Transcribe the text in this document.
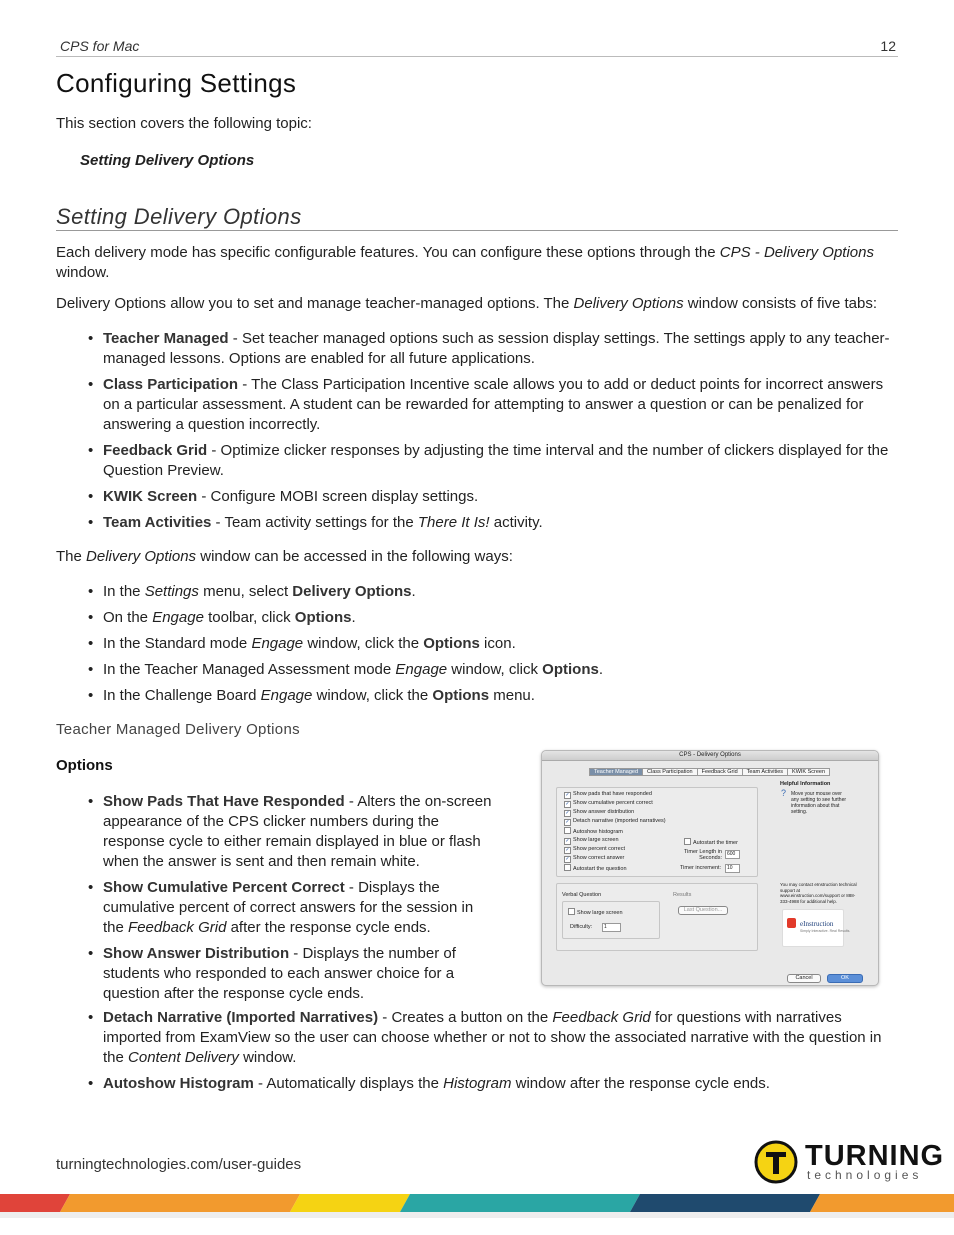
CPS for Mac	12
Configuring Settings
This section covers the following topic:
Setting Delivery Options
Setting Delivery Options
Each delivery mode has specific configurable features. You can configure these options through the CPS - Delivery Options
window.
Delivery Options allow you to set and manage teacher-managed options. The Delivery Options window consists of five tabs:
• Teacher Managed - Set teacher managed options such as session display settings. The settings apply to any teacher-managed lessons. Options are enabled for all future applications.
• Class Participation - The Class Participation Incentive scale allows you to add or deduct points for incorrect answers on a particular assessment. A student can be rewarded for attempting to answer a question or can be penalized for answering a question incorrectly.
• Feedback Grid - Optimize clicker responses by adjusting the time interval and the number of clickers displayed for the Question Preview.
• KWIK Screen - Configure MOBI screen display settings.
• Team Activities - Team activity settings for the There It Is! activity.
The Delivery Options window can be accessed in the following ways:
• In the Settings menu, select Delivery Options.
• On the Engage toolbar, click Options.
• In the Standard mode Engage window, click the Options icon.
• In the Teacher Managed Assessment mode Engage window, click Options.
• In the Challenge Board Engage window, click the Options menu.
Teacher Managed Delivery Options
Options
• Show Pads That Have Responded - Alters the on-screen appearance of the CPS clicker numbers during the response cycle to either remain displayed in blue or flash when the answer is sent and then remain white.
• Show Cumulative Percent Correct - Displays the cumulative percent of correct answers for the session in the Feedback Grid after the response cycle ends.
• Show Answer Distribution - Displays the number of students who responded to each answer choice for a question after the response cycle ends.
• Detach Narrative (Imported Narratives) - Creates a button on the Feedback Grid for questions with narratives imported from ExamView so the user can choose whether or not to show the associated narrative with the question in the Content Delivery window.
• Autoshow Histogram - Automatically displays the Histogram window after the response cycle ends.
CPS - Delivery Options
Teacher Managed	Class Participation	Feedback Grid	Team Activities	KWIK Screen
✓ Show pads that have responded
✓ Show cumulative percent correct
✓ Show answer distribution
✓ Detach narrative (imported narratives)
Autoshow histogram
✓ Show large screen
✓ Show percent correct
✓ Show correct answer
Autostart the question
Autostart the timer
Timer Length in Seconds:
600
Timer increment:	10
Verbal Question
Show large screen
Difficulty:	1
Results
Last Question...
Helpful Information
? Move your mouse over any setting to see further information about that setting.
You may contact eInstruction technical support at www.einstruction.com/support or 888-333-4988 for additional help.
eInstruction
Simply Interactive. Real Results.
Cancel	OK
turningtechnologies.com/user-guides	TURNING
technologies
